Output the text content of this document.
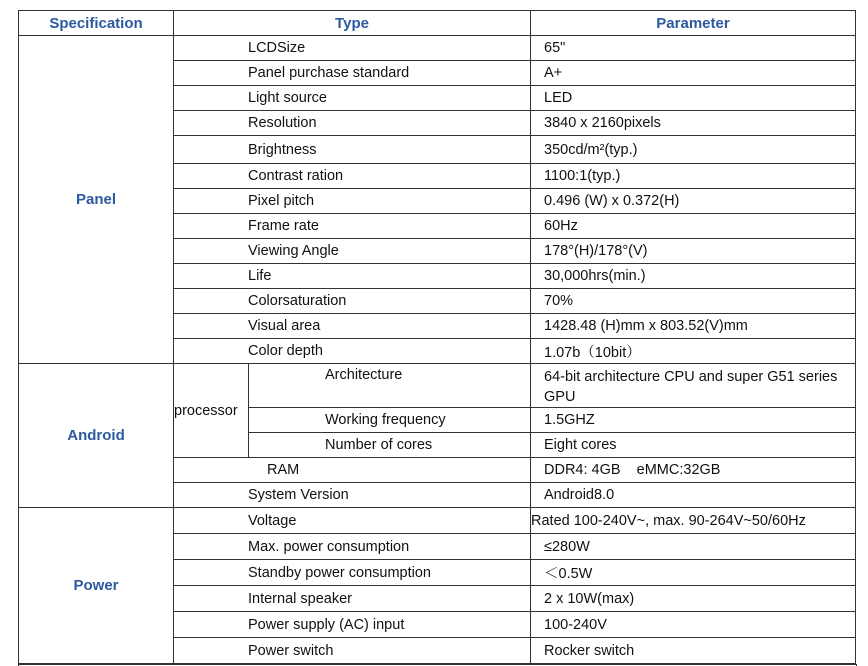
Specification	Type		Parameter
Panel	LCDSize		65"
	Panel purchase standard		A+
	Light source		LED
	Resolution		3840 x 2160pixels
	Brightness		350cd/m²(typ.)
	Contrast ration		1100:1(typ.)
	Pixel pitch		0.496 (W) x 0.372(H)
	Frame rate		60Hz
	Viewing Angle		178°(H)/178°(V)
	Life		30,000hrs(min.)
	Colorsaturation		70%
	Visual area		1428.48 (H)mm x 803.52(V)mm
	Color depth		1.07b（10bit）
Android	processor	Architecture	64-bit architecture CPU and super G51 series GPU
		Working frequency	1.5GHZ
		Number of cores	Eight cores
	RAM		DDR4: 4GB    eMMC:32GB
	System Version		Android8.0
Power	Voltage		Rated 100-240V~, max. 90-264V~50/60Hz
	Max. power consumption		≤280W
	Standby power consumption		＜0.5W
	Internal speaker		2 x 10W(max)
	Power supply (AC) input		100-240V
	Power switch		Rocker switch
